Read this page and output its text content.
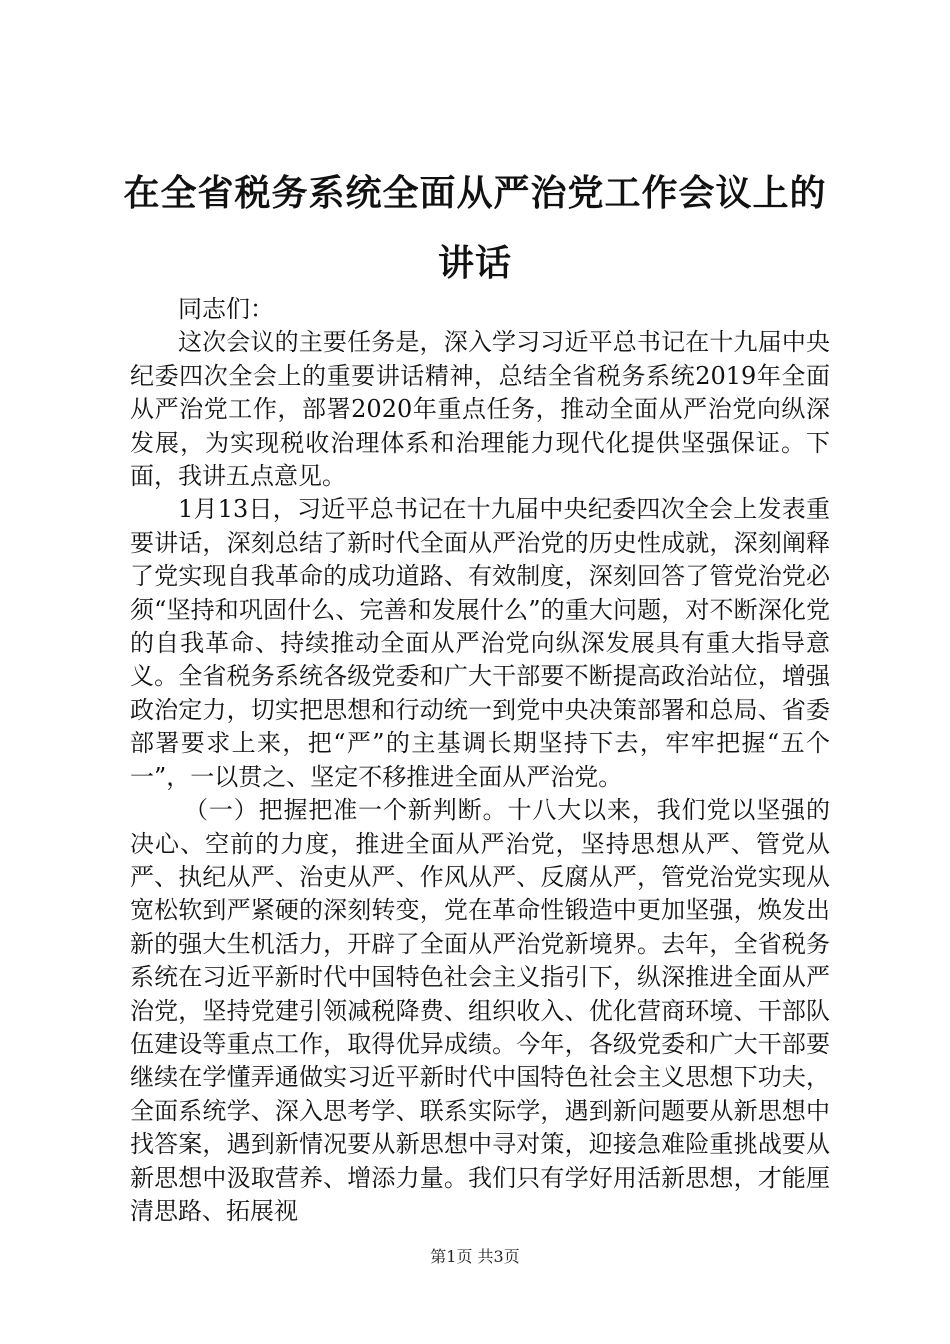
在全省税务系统全面从严治党工作会议上的讲话

同志们：

这次会议的主要任务是，深入学习习近平总书记在十九届中央纪委四次全会上的重要讲话精神，总结全省税务系统2019年全面从严治党工作，部署2020年重点任务，推动全面从严治党向纵深发展，为实现税收治理体系和治理能力现代化提供坚强保证。下面，我讲五点意见。

1月13日，习近平总书记在十九届中央纪委四次全会上发表重要讲话，深刻总结了新时代全面从严治党的历史性成就，深刻阐释了党实现自我革命的成功道路、有效制度，深刻回答了管党治党必须“坚持和巩固什么、完善和发展什么”的重大问题，对不断深化党的自我革命、持续推动全面从严治党向纵深发展具有重大指导意义。全省税务系统各级党委和广大干部要不断提高政治站位，增强政治定力，切实把思想和行动统一到党中央决策部署和总局、省委部署要求上来，把“严”的主基调长期坚持下去，牢牢把握“五个一”，一以贯之、坚定不移推进全面从严治党。

（一）把握把准一个新判断。十八大以来，我们党以坚强的决心、空前的力度，推进全面从严治党，坚持思想从严、管党从严、执纪从严、治吏从严、作风从严、反腐从严，管党治党实现从宽松软到严紧硬的深刻转变，党在革命性锻造中更加坚强，焕发出新的强大生机活力，开辟了全面从严治党新境界。去年，全省税务系统在习近平新时代中国特色社会主义指引下，纵深推进全面从严治党，坚持党建引领减税降费、组织收入、优化营商环境、干部队伍建设等重点工作，取得优异成绩。今年，各级党委和广大干部要继续在学懂弄通做实习近平新时代中国特色社会主义思想下功夫，全面系统学、深入思考学、联系实际学，遇到新问题要从新思想中找答案，遇到新情况要从新思想中寻对策，迎接急难险重挑战要从新思想中汲取营养、增添力量。我们只有学好用活新思想，才能厘清思路、拓展视

第1页 共3页
